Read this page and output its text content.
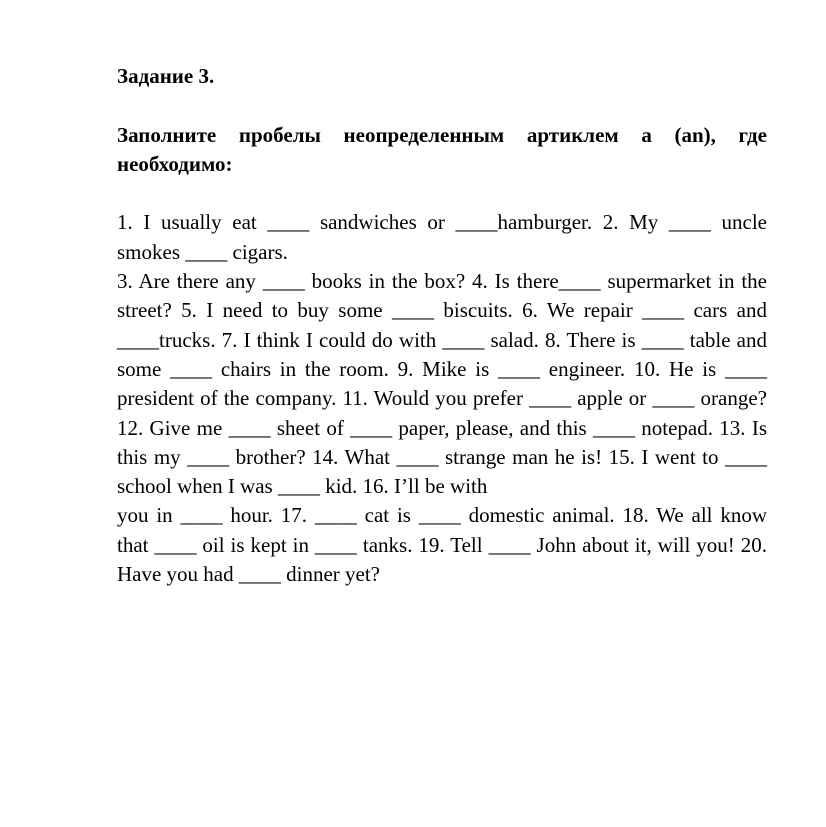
Задание 3.

Заполните пробелы неопределенным артиклем a (an), где необходимо:

1. I usually eat ____ sandwiches or ____hamburger. 2. My ____ uncle smokes ____ cigars.

3. Are there any ____ books in the box? 4. Is there____ supermarket in the street? 5. I need to buy some ____ biscuits. 6. We repair ____ cars and ____trucks. 7. I think I could do with ____ salad. 8. There is ____ table and some ____ chairs in the room. 9. Mike is ____ engineer. 10. He is ____ president of the company. 11. Would you prefer ____ apple or ____ orange? 12. Give me ____ sheet of ____ paper, please, and this ____ notepad. 13. Is this my ____ brother? 14. What ____ strange man he is! 15. I went to ____ school when I was ____ kid. 16. I’ll be with

you in ____ hour. 17. ____ cat is ____ domestic animal. 18. We all know that ____ oil is kept in ____ tanks. 19. Tell ____ John about it, will you! 20. Have you had ____ dinner yet?
